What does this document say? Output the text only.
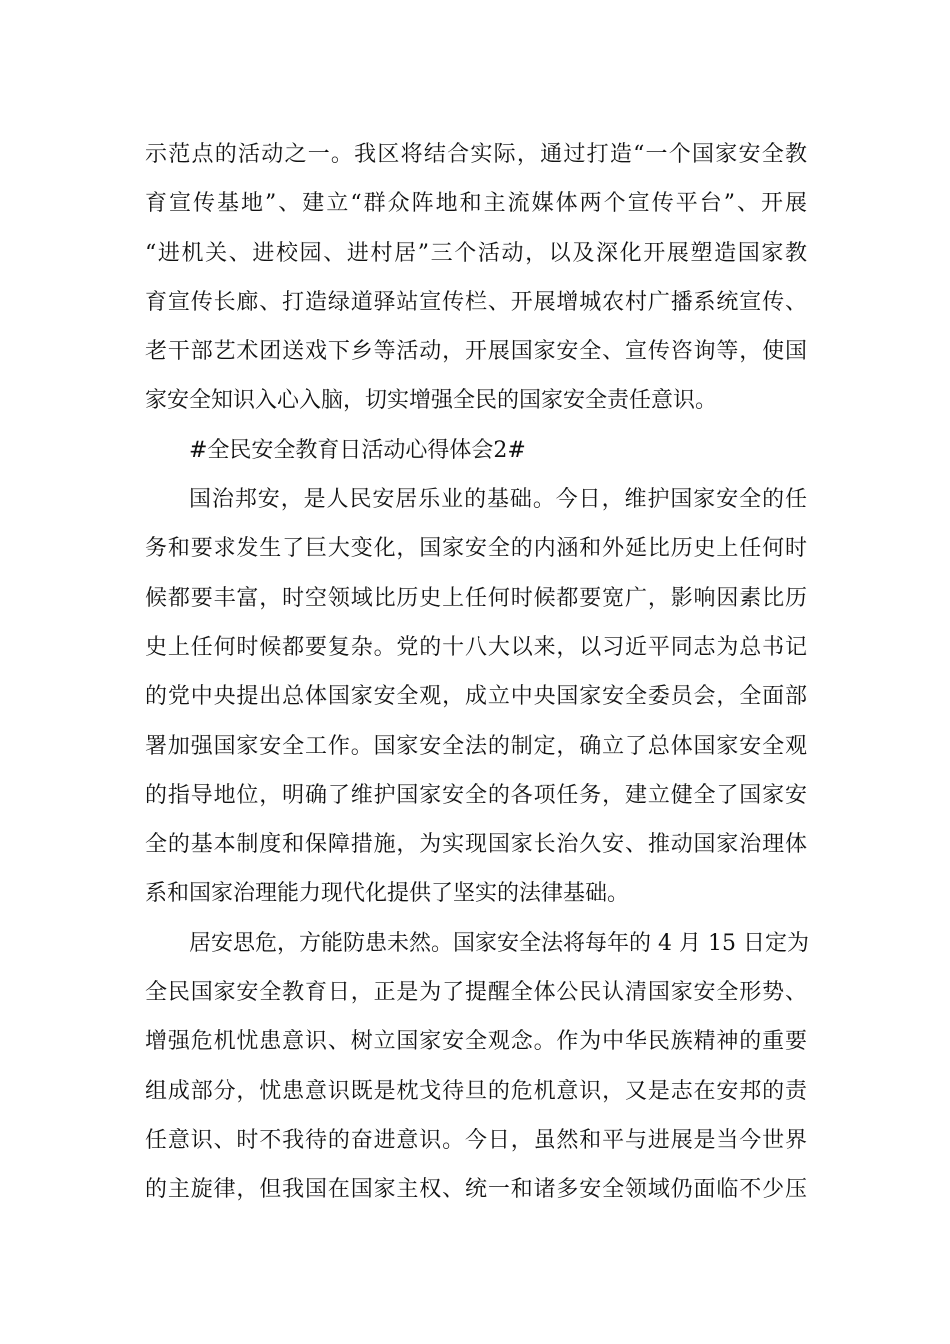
示范点的活动之一。我区将结合实际，通过打造“一个国家安全教
育宣传基地”、建立“群众阵地和主流媒体两个宣传平台”、开展
“进机关、进校园、进村居”三个活动，以及深化开展塑造国家教
育宣传长廊、打造绿道驿站宣传栏、开展增城农村广播系统宣传、
老干部艺术团送戏下乡等活动，开展国家安全、宣传咨询等，使国
家安全知识入心入脑，切实增强全民的国家安全责任意识。
#全民安全教育日活动心得体会2#
国治邦安，是人民安居乐业的基础。今日，维护国家安全的任
务和要求发生了巨大变化，国家安全的内涵和外延比历史上任何时
候都要丰富，时空领域比历史上任何时候都要宽广，影响因素比历
史上任何时候都要复杂。党的十八大以来，以习近平同志为总书记
的党中央提出总体国家安全观，成立中央国家安全委员会，全面部
署加强国家安全工作。国家安全法的制定，确立了总体国家安全观
的指导地位，明确了维护国家安全的各项任务，建立健全了国家安
全的基本制度和保障措施，为实现国家长治久安、推动国家治理体
系和国家治理能力现代化提供了坚实的法律基础。
居安思危，方能防患未然。国家安全法将每年的 4 月 15 日定为
全民国家安全教育日，正是为了提醒全体公民认清国家安全形势、
增强危机忧患意识、树立国家安全观念。作为中华民族精神的重要
组成部分，忧患意识既是枕戈待旦的危机意识，又是志在安邦的责
任意识、时不我待的奋进意识。今日，虽然和平与进展是当今世界
的主旋律，但我国在国家主权、统一和诸多安全领域仍面临不少压
